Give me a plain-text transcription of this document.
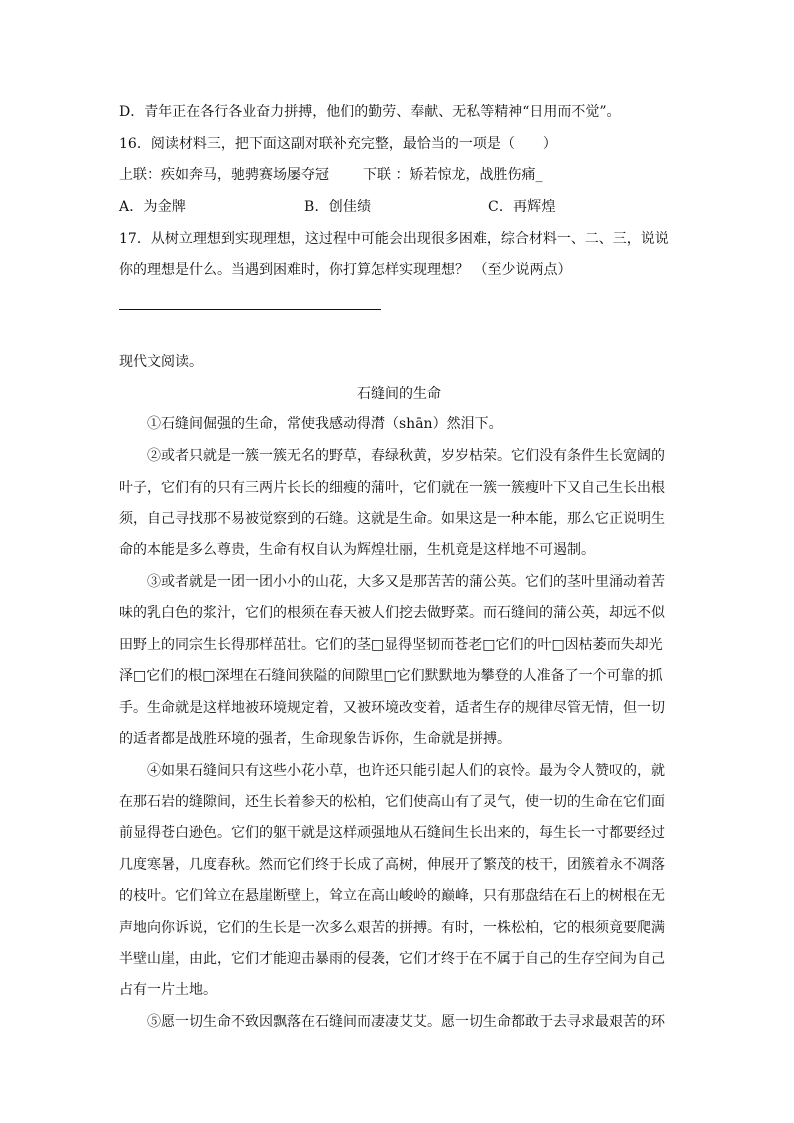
D．青年正在各行各业奋力拼搏，他们的勤劳、奉献、无私等精神“日用而不觉”。
16．阅读材料三，把下面这副对联补充完整，最恰当的一项是（　　）
上联：疾如奔马，驰骋赛场屡夺冠	下联 ：矫若惊龙，战胜伤痛_
A．为金牌	B．创佳绩	C．再辉煌
17．从树立理想到实现理想，这过程中可能会出现很多困难，综合材料一、二、三，说说
你的理想是什么。当遇到困难时，你打算怎样实现理想？ （至少说两点）
现代文阅读。
石缝间的生命
①石缝间倔强的生命，常使我感动得潸（shān）然泪下。
②或者只就是一簇一簇无名的野草，春绿秋黄，岁岁枯荣。它们没有条件生长宽阔的
叶子，它们有的只有三两片长长的细瘦的蒲叶，它们就在一簇一簇瘦叶下又自己生长出根
须，自己寻找那不易被觉察到的石缝。这就是生命。如果这是一种本能，那么它正说明生
命的本能是多么尊贵，生命有权自认为辉煌壮丽，生机竟是这样地不可遏制。
③或者就是一团一团小小的山花，大多又是那苦苦的蒲公英。它们的茎叶里涌动着苦
味的乳白色的浆汁，它们的根须在春天被人们挖去做野菜。而石缝间的蒲公英，却远不似
田野上的同宗生长得那样茁壮。它们的茎□显得坚韧而苍老□它们的叶□因枯萎而失却光
泽□它们的根□深埋在石缝间狭隘的间隙里□它们默默地为攀登的人准备了一个可靠的抓
手。生命就是这样地被环境规定着，又被环境改变着，适者生存的规律尽管无情，但一切
的适者都是战胜环境的强者，生命现象告诉你，生命就是拼搏。
④如果石缝间只有这些小花小草，也许还只能引起人们的哀怜。最为令人赞叹的，就
在那石岩的缝隙间，还生长着参天的松柏，它们使高山有了灵气，使一切的生命在它们面
前显得苍白逊色。它们的躯干就是这样顽强地从石缝间生长出来的，每生长一寸都要经过
几度寒暑，几度春秋。然而它们终于长成了高树，伸展开了繁茂的枝干，团簇着永不凋落
的枝叶。它们耸立在悬崖断壁上，耸立在高山峻岭的巅峰，只有那盘结在石上的树根在无
声地向你诉说，它们的生长是一次多么艰苦的拼搏。有时，一株松柏，它的根须竟要爬满
半壁山崖，由此，它们才能迎击暴雨的侵袭，它们才终于在不属于自己的生存空间为自己
占有一片土地。
⑤愿一切生命不致因飘落在石缝间而凄凄艾艾。愿一切生命都敢于去寻求最艰苦的环
